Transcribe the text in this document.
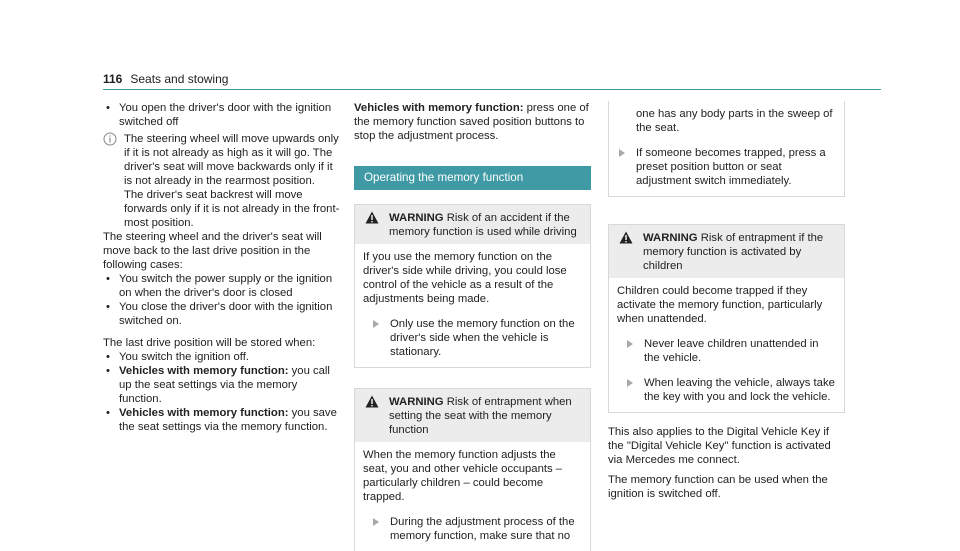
116 Seats and stowing

• You open the driver's door with the ignition switched off

The steering wheel will move upwards only if it is not already as high as it will go. The driver's seat will move backwards only if it is not already in the rearmost position.

The driver's seat backrest will move forwards only if it is not already in the front-most position.

The steering wheel and the driver's seat will move back to the last drive position in the following cases:

• You switch the power supply or the ignition on when the driver's door is closed

• You close the driver's door with the ignition switched on.

The last drive position will be stored when:

• You switch the ignition off.

• Vehicles with memory function: you call up the seat settings via the memory function.

• Vehicles with memory function: you save the seat settings via the memory function.

Vehicles with memory function: press one of the memory function saved position buttons to stop the adjustment process.

Operating the memory function
WARNING Risk of an accident if the memory function is used while driving

If you use the memory function on the driver's side while driving, you could lose control of the vehicle as a result of the adjustments being made.

Only use the memory function on the driver's side when the vehicle is stationary.
WARNING Risk of entrapment when setting the seat with the memory function

When the memory function adjusts the seat, you and other vehicle occupants – particularly children – could become trapped.

During the adjustment process of the memory function, make sure that no

one has any body parts in the sweep of the seat.

If someone becomes trapped, press a preset position button or seat adjustment switch immediately.
WARNING Risk of entrapment if the memory function is activated by children

Children could become trapped if they activate the memory function, particularly when unattended.

Never leave children unattended in the vehicle.
When leaving the vehicle, always take the key with you and lock the vehicle.

This also applies to the Digital Vehicle Key if the "Digital Vehicle Key" function is activated via Mercedes me connect.

The memory function can be used when the ignition is switched off.
